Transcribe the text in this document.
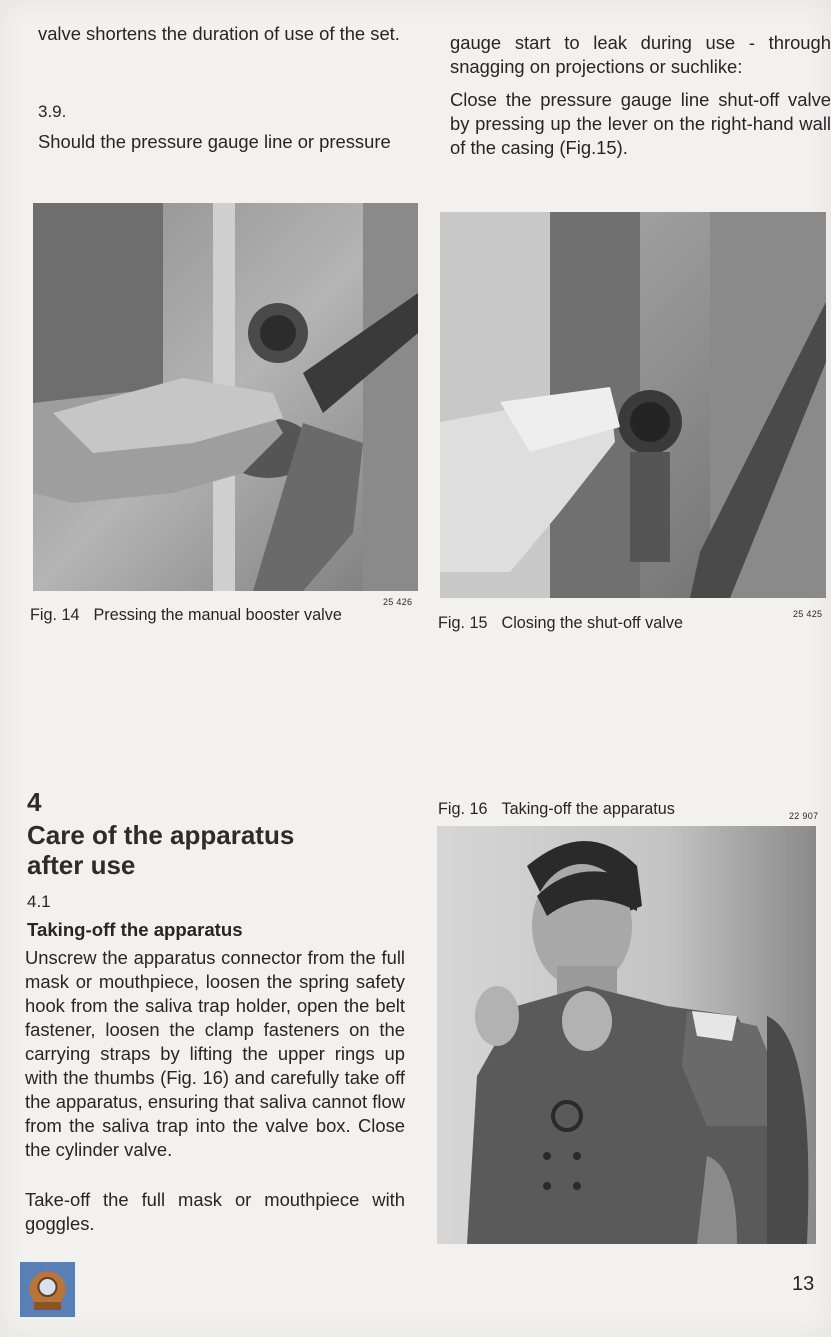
valve shortens the duration of use of the set.

3.9.

Should the pressure gauge line or pressure

gauge start to leak during use - through snagging on projections or suchlike:

Close the pressure gauge line shut-off valve by pressing up the lever on the right-hand wall of the casing (Fig.15).

25 426

Fig. 14 Pressing the manual booster valve	25 425

Fig. 15 Closing the shut-off valve

4

Care of the apparatus
after use

4.1

Taking-off the apparatus

Unscrew the apparatus connector from the full mask or mouthpiece, loosen the spring safety hook from the saliva trap holder, open the belt fastener, loosen the clamp fasteners on the carrying straps by lifting the upper rings up with the thumbs (Fig. 16) and carefully take off the apparatus, ensuring that saliva cannot flow from the saliva trap into the valve box. Close the cylinder valve.

Take-off the full mask or mouthpiece with goggles.

Fig. 16 Taking-off the apparatus	22 907
13
